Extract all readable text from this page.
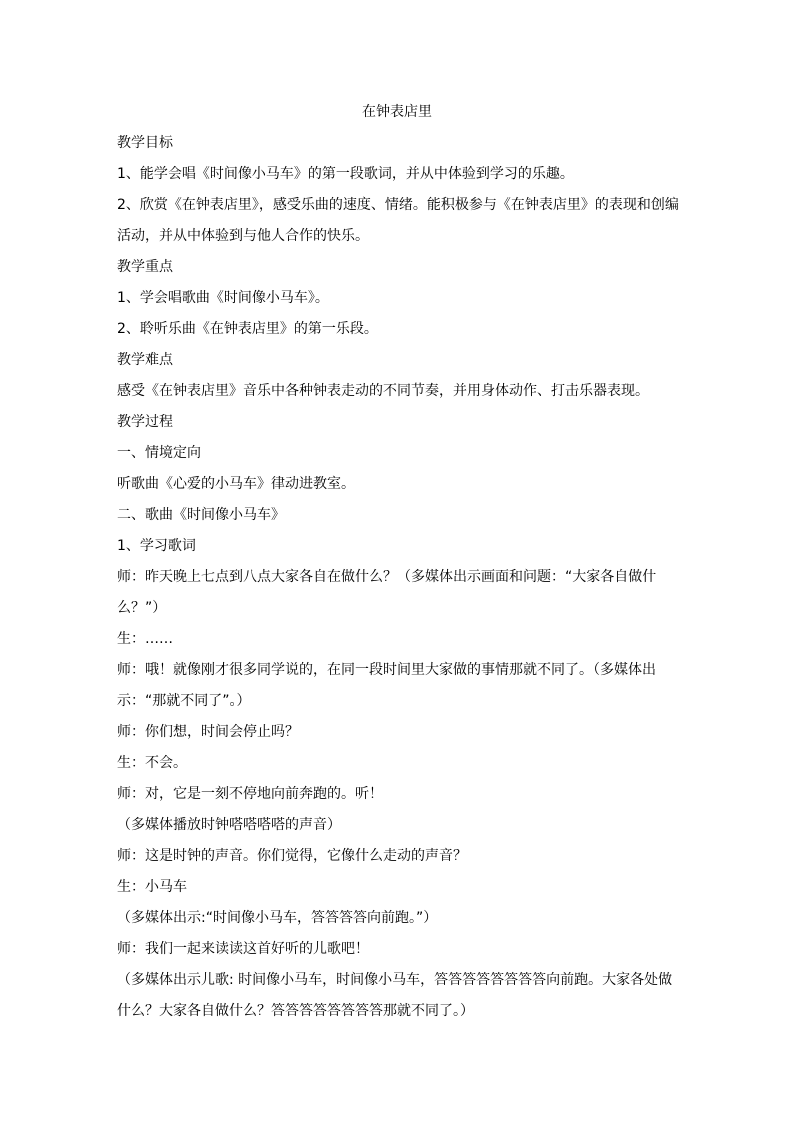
在钟表店里

教学目标

1、能学会唱《时间像小马车》的第一段歌词，并从中体验到学习的乐趣。

2、欣赏《在钟表店里》，感受乐曲的速度、情绪。能积极参与《在钟表店里》的表现和创编活动，并从中体验到与他人合作的快乐。

教学重点

1、学会唱歌曲《时间像小马车》。

2、聆听乐曲《在钟表店里》的第一乐段。

教学难点

感受《在钟表店里》音乐中各种钟表走动的不同节奏，并用身体动作、打击乐器表现。

教学过程

一、情境定向

听歌曲《心爱的小马车》律动进教室。

二、歌曲《时间像小马车》

1、学习歌词

师：昨天晚上七点到八点大家各自在做什么？（多媒体出示画面和问题：“大家各自做什么？”）

生：……

师：哦！就像刚才很多同学说的，在同一段时间里大家做的事情那就不同了。（多媒体出示：“那就不同了”。）

师：你们想，时间会停止吗？

生：不会。

师：对，它是一刻不停地向前奔跑的。听！

（多媒体播放时钟嗒嗒嗒嗒的声音）

师：这是时钟的声音。你们觉得，它像什么走动的声音？

生：小马车

（多媒体出示:“时间像小马车，答答答答向前跑。”）

师：我们一起来读读这首好听的儿歌吧！

（多媒体出示儿歌: 时间像小马车，时间像小马车，答答答答答答答答向前跑。大家各处做什么？大家各自做什么？答答答答答答答答那就不同了。）
